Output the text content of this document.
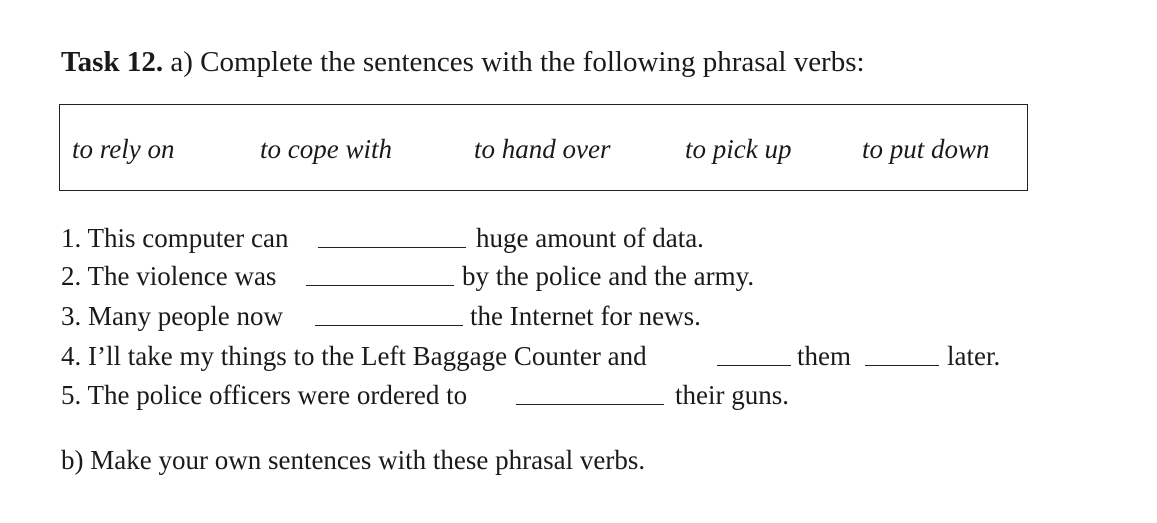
Task 12. a) Complete the sentences with the following phrasal verbs:
to rely on	to cope with	to hand over	to pick up	to put down
1. This computer can	huge amount of data.
2. The violence was	by the police and the army.
3. Many people now	the Internet for news.
4. I’ll take my things to the Left Baggage Counter and	them	later.
5. The police officers were ordered to	their guns.
b) Make your own sentences with these phrasal verbs.
